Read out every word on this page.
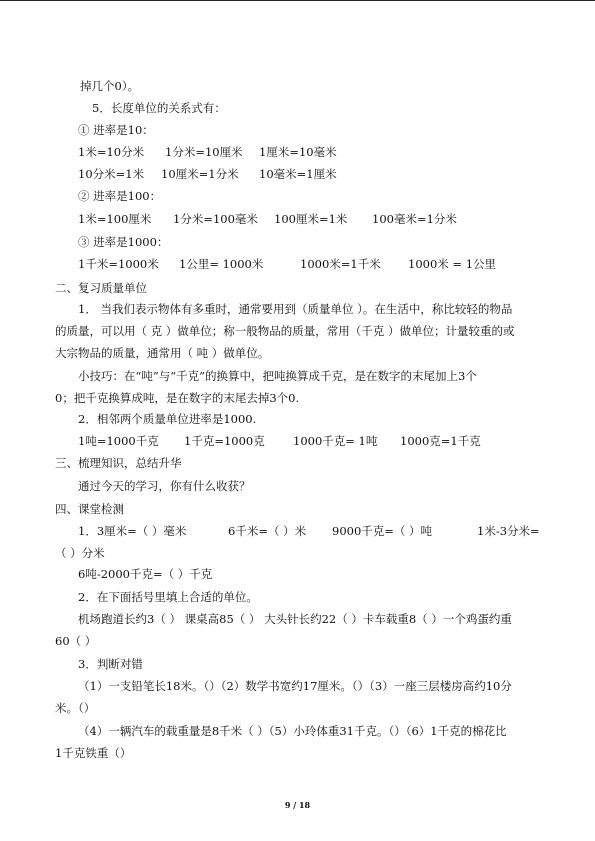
掉几个0）。
5．长度单位的关系式有：
① 进率是10：
1米=10分米 1分米=10厘米 1厘米=10毫米
10分米=1米 10厘米=1分米 10毫米=1厘米
② 进率是100：
1米=100厘米 1分米=100毫米 100厘米=1米 100毫米=1分米
③ 进率是1000：
1千米=1000米 1公里= 1000米	1000米=1千米 1000米 = 1公里
二、复习质量单位
1． 当我们表示物体有多重时，通常要用到（质量单位 ）。在生活中，称比较轻的物品
的质量，可以用（ 克 ）做单位；称一般物品的质量，常用（千克 ）做单位；计量较重的或
大宗物品的质量，通常用（ 吨 ）做单位。
小技巧：在“吨”与“千克”的换算中，把吨换算成千克，是在数字的末尾加上3个
0；把千克换算成吨，是在数字的末尾去掉3个0.
2．相邻两个质量单位进率是1000.
1吨=1000千克 1千克=1000克 1000千克= 1吨 1000克=1千克
三、梳理知识，总结升华
通过今天的学习，你有什么收获？
四、课堂检测
1．3厘米=（ ）毫米	6千米=（ ）米 9000千克=（ ）吨	1米-3分米=
（ ）分米
6吨-2000千克=（ ）千克
2．在下面括号里填上合适的单位。
机场跑道长约3（ ） 课桌高85（ ） 大头针长约22（ ）卡车载重8（ ）一个鸡蛋约重
60（ ）
3．判断对错
（1）一支铅笔长18米。（）（2）数学书宽约17厘米。（）（3）一座三层楼房高约10分
米。（）
（4）一辆汽车的载重量是8千米（ ）（5）小玲体重31千克。（）（6）1千克的棉花比
1千克铁重（）
9 / 18
